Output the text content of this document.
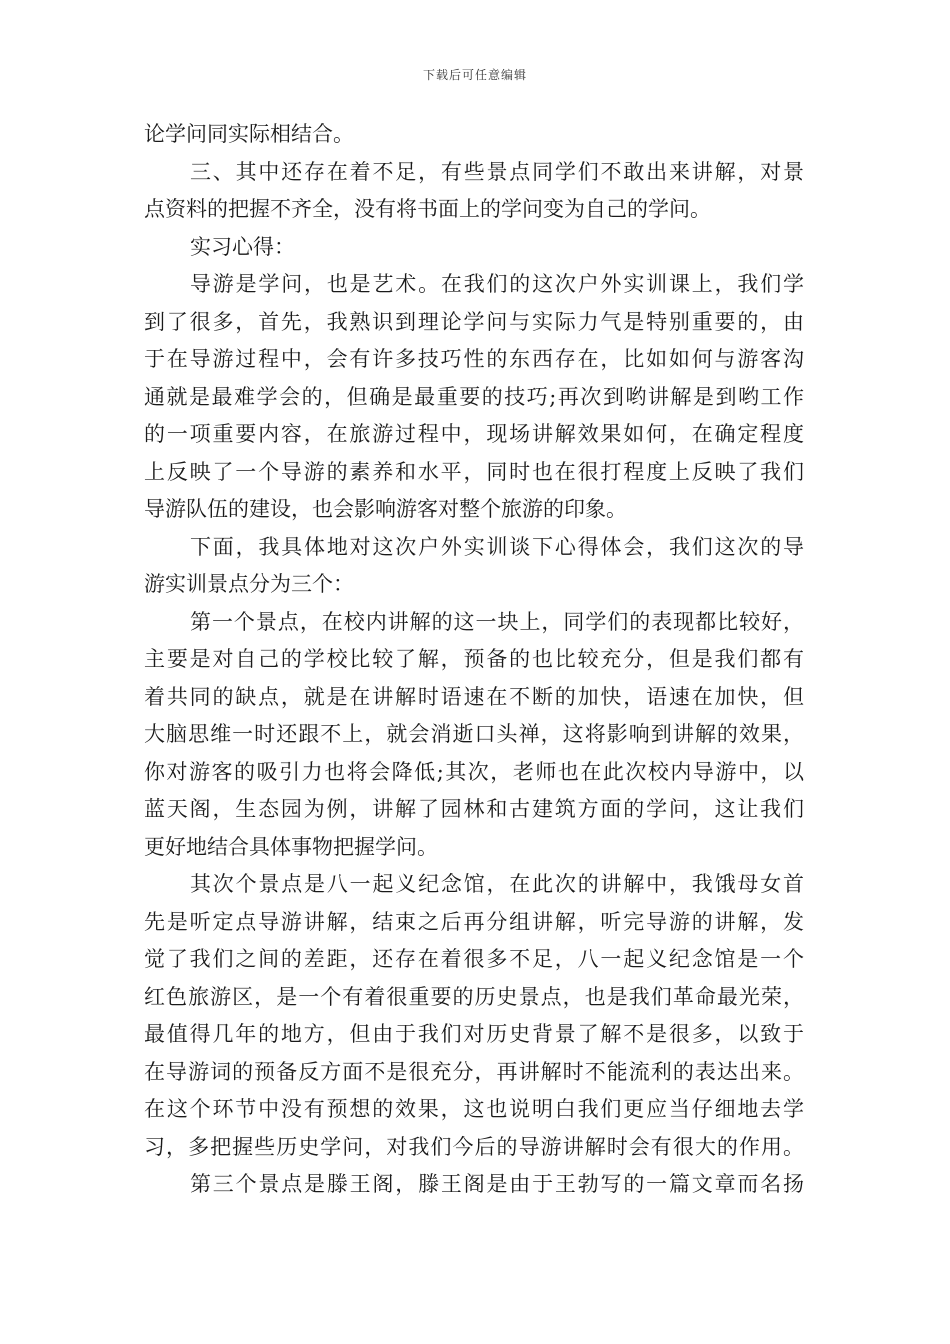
下载后可任意编辑
论学问同实际相结合。
三、其中还存在着不足，有些景点同学们不敢出来讲解，对景
点资料的把握不齐全，没有将书面上的学问变为自己的学问。
实习心得：
导游是学问，也是艺术。在我们的这次户外实训课上，我们学
到了很多，首先，我熟识到理论学问与实际力气是特别重要的，由
于在导游过程中，会有许多技巧性的东西存在，比如如何与游客沟
通就是最难学会的，但确是最重要的技巧;再次到哟讲解是到哟工作
的一项重要内容，在旅游过程中，现场讲解效果如何，在确定程度
上反映了一个导游的素养和水平，同时也在很打程度上反映了我们
导游队伍的建设，也会影响游客对整个旅游的印象。
下面，我具体地对这次户外实训谈下心得体会，我们这次的导
游实训景点分为三个：
第一个景点，在校内讲解的这一块上，同学们的表现都比较好，
主要是对自己的学校比较了解，预备的也比较充分，但是我们都有
着共同的缺点，就是在讲解时语速在不断的加快，语速在加快，但
大脑思维一时还跟不上，就会消逝口头禅，这将影响到讲解的效果，
你对游客的吸引力也将会降低;其次，老师也在此次校内导游中，以
蓝天阁，生态园为例，讲解了园林和古建筑方面的学问，这让我们
更好地结合具体事物把握学问。
其次个景点是八一起义纪念馆，在此次的讲解中，我饿母女首
先是听定点导游讲解，结束之后再分组讲解，听完导游的讲解，发
觉了我们之间的差距，还存在着很多不足，八一起义纪念馆是一个
红色旅游区，是一个有着很重要的历史景点，也是我们革命最光荣，
最值得几年的地方，但由于我们对历史背景了解不是很多，以致于
在导游词的预备反方面不是很充分，再讲解时不能流利的表达出来。
在这个环节中没有预想的效果，这也说明白我们更应当仔细地去学
习，多把握些历史学问，对我们今后的导游讲解时会有很大的作用。
第三个景点是滕王阁，滕王阁是由于王勃写的一篇文章而名扬
